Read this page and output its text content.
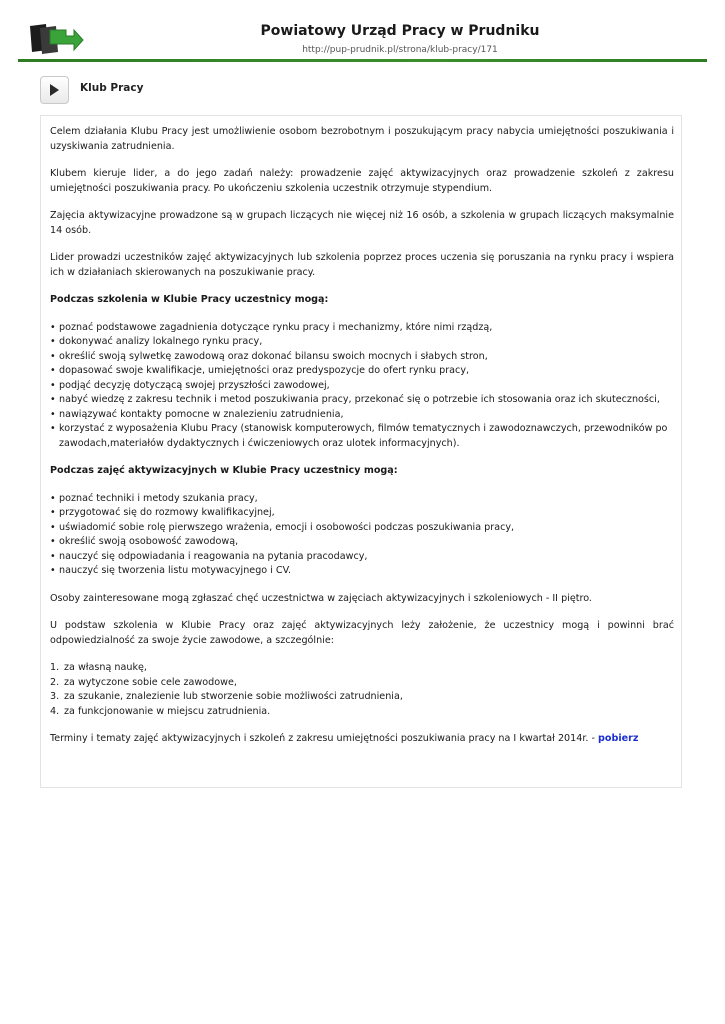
Powiatowy Urząd Pracy w Prudniku
http://pup-prudnik.pl/strona/klub-pracy/171
Klub Pracy

Celem działania Klubu Pracy jest umożliwienie osobom bezrobotnym i poszukującym pracy nabycia umiejętności poszukiwania i uzyskiwania zatrudnienia.

Klubem kieruje lider, a do jego zadań należy: prowadzenie zajęć aktywizacyjnych oraz prowadzenie szkoleń z zakresu umiejętności poszukiwania pracy. Po ukończeniu szkolenia uczestnik otrzymuje stypendium.

Zajęcia aktywizacyjne prowadzone są w grupach liczących nie więcej niż 16 osób, a szkolenia w grupach liczących maksymalnie 14 osób.

Lider prowadzi uczestników zajęć aktywizacyjnych lub szkolenia poprzez proces uczenia się poruszania na rynku pracy i wspiera ich w działaniach skierowanych na poszukiwanie pracy.

Podczas szkolenia w Klubie Pracy uczestnicy mogą:

• poznać podstawowe zagadnienia dotyczące rynku pracy i mechanizmy, które nimi rządzą,
• dokonywać analizy lokalnego rynku pracy,
• określić swoją sylwetkę zawodową oraz dokonać bilansu swoich mocnych i słabych stron,
• dopasować swoje kwalifikacje, umiejętności oraz predyspozycje do ofert rynku pracy,
• podjąć decyzję dotyczącą swojej przyszłości zawodowej,
• nabyć wiedzę z zakresu technik i metod poszukiwania pracy, przekonać się o potrzebie ich stosowania oraz ich skuteczności,
• nawiązywać kontakty pomocne w znalezieniu zatrudnienia,
• korzystać z wyposażenia Klubu Pracy (stanowisk komputerowych, filmów tematycznych i zawodoznawczych, przewodników po zawodach,materiałów dydaktycznych i ćwiczeniowych oraz ulotek informacyjnych).

Podczas zajęć aktywizacyjnych w Klubie Pracy uczestnicy mogą:

• poznać techniki i metody szukania pracy,
• przygotować się do rozmowy kwalifikacyjnej,
• uświadomić sobie rolę pierwszego wrażenia, emocji i osobowości podczas poszukiwania pracy,
• określić swoją osobowość zawodową,
• nauczyć się odpowiadania i reagowania na pytania pracodawcy,
• nauczyć się tworzenia listu motywacyjnego i CV.

Osoby zainteresowane mogą zgłaszać chęć uczestnictwa w zajęciach aktywizacyjnych i szkoleniowych - II piętro.

U podstaw szkolenia w Klubie Pracy oraz zajęć aktywizacyjnych leży założenie, że uczestnicy mogą i powinni brać odpowiedzialność za swoje życie zawodowe, a szczególnie:

1. za własną naukę,
2. za wytyczone sobie cele zawodowe,
3. za szukanie, znalezienie lub stworzenie sobie możliwości zatrudnienia,
4. za funkcjonowanie w miejscu zatrudnienia.

Terminy i tematy zajęć aktywizacyjnych i szkoleń z zakresu umiejętności poszukiwania pracy na I kwartał 2014r. - pobierz
